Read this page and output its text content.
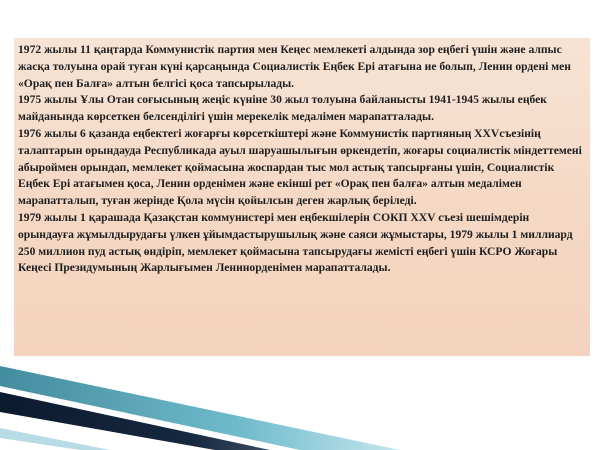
1972 жылы 11 қаңтарда Коммунистік партия мен Кеңес мемлекеті алдында зор еңбегі үшін және алпыс жасқа толуына орай туған күні қарсаңында Социалистік Еңбек Ері атағына ие болып, Ленин ордені мен «Орақ пен Балға» алтын белгісі қоса тапсырылады.

1975 жылы Ұлы Отан соғысының жеңіс күніне 30 жыл толуына байланысты 1941-1945 жылы еңбек майданында көрсеткен белсенділігі үшін мерекелік медалімен марапатталады.

1976 жылы 6 қазанда еңбектегі жоғарғы көрсеткіштері және Коммунистік партияның XXVсъезінің талаптарын орындауда Республикада ауыл шаруашылығын өркендетіп, жоғары социалистік міндеттемені абыроймен орындап, мемлекет қоймасына жоспардан тыс мол астық тапсырғаны үшін, Социалистік Еңбек Ері атағымен қоса, Ленин орденімен және екінші рет «Орақ пен балға» алтын медалімен марапатталып, туған жерінде Қола мүсін қойылсын деген жарлық беріледі.

1979 жылы 1 қарашада Қазақстан коммунистері мен еңбекшілерін СОКП XXV съезі шешімдерін орындауға жұмылдырудағы үлкен ұйымдастырушылық және саяси жұмыстары, 1979 жылы 1 миллиард 250 миллион пуд астық өндіріп, мемлекет қоймасына тапсырудағы жемісті еңбегі үшін КСРО Жоғары Кеңесі Президумының Жарлығымен Ленинорденімен марапатталады.
